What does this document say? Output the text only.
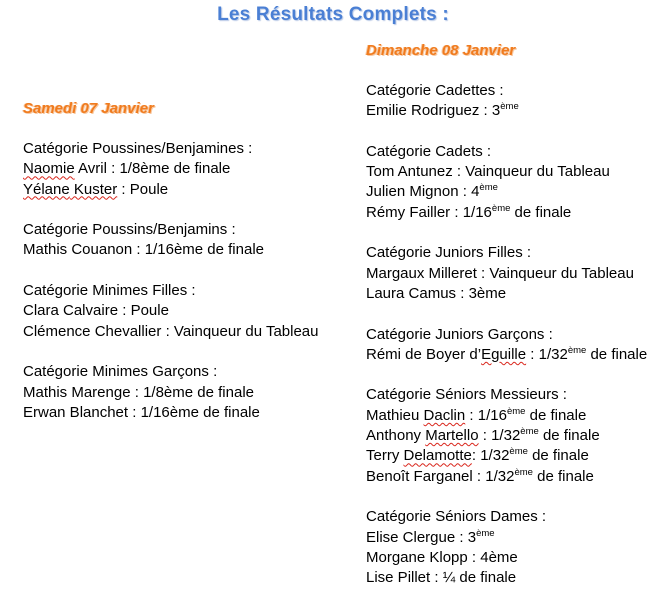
Les Résultats Complets :
Samedi 07 Janvier
Dimanche 08 Janvier
Catégorie Poussines/Benjamines :
Naomie Avril : 1/8ème de finale
Yélane Kuster : Poule
Catégorie Poussins/Benjamins :
Mathis Couanon : 1/16ème de finale
Catégorie Minimes Filles :
Clara Calvaire : Poule
Clémence Chevallier : Vainqueur du Tableau
Catégorie Minimes Garçons :
Mathis Marenge : 1/8ème de finale
Erwan Blanchet : 1/16ème de finale
Catégorie Cadettes :
Emilie Rodriguez : 3ème
Catégorie Cadets :
Tom Antunez : Vainqueur du Tableau
Julien Mignon : 4ème
Rémy Failler : 1/16ème de finale
Catégorie Juniors Filles :
Margaux Milleret : Vainqueur du Tableau
Laura Camus : 3ème
Catégorie Juniors Garçons :
Rémi de Boyer d’Eguille : 1/32ème de finale
Catégorie Séniors Messieurs :
Mathieu Daclin : 1/16ème de finale
Anthony Martello : 1/32ème de finale
Terry Delamotte: 1/32ème de finale
Benoît Farganel : 1/32ème de finale
Catégorie Séniors Dames :
Elise Clergue : 3ème
Morgane Klopp : 4ème
Lise Pillet : ¼ de finale
